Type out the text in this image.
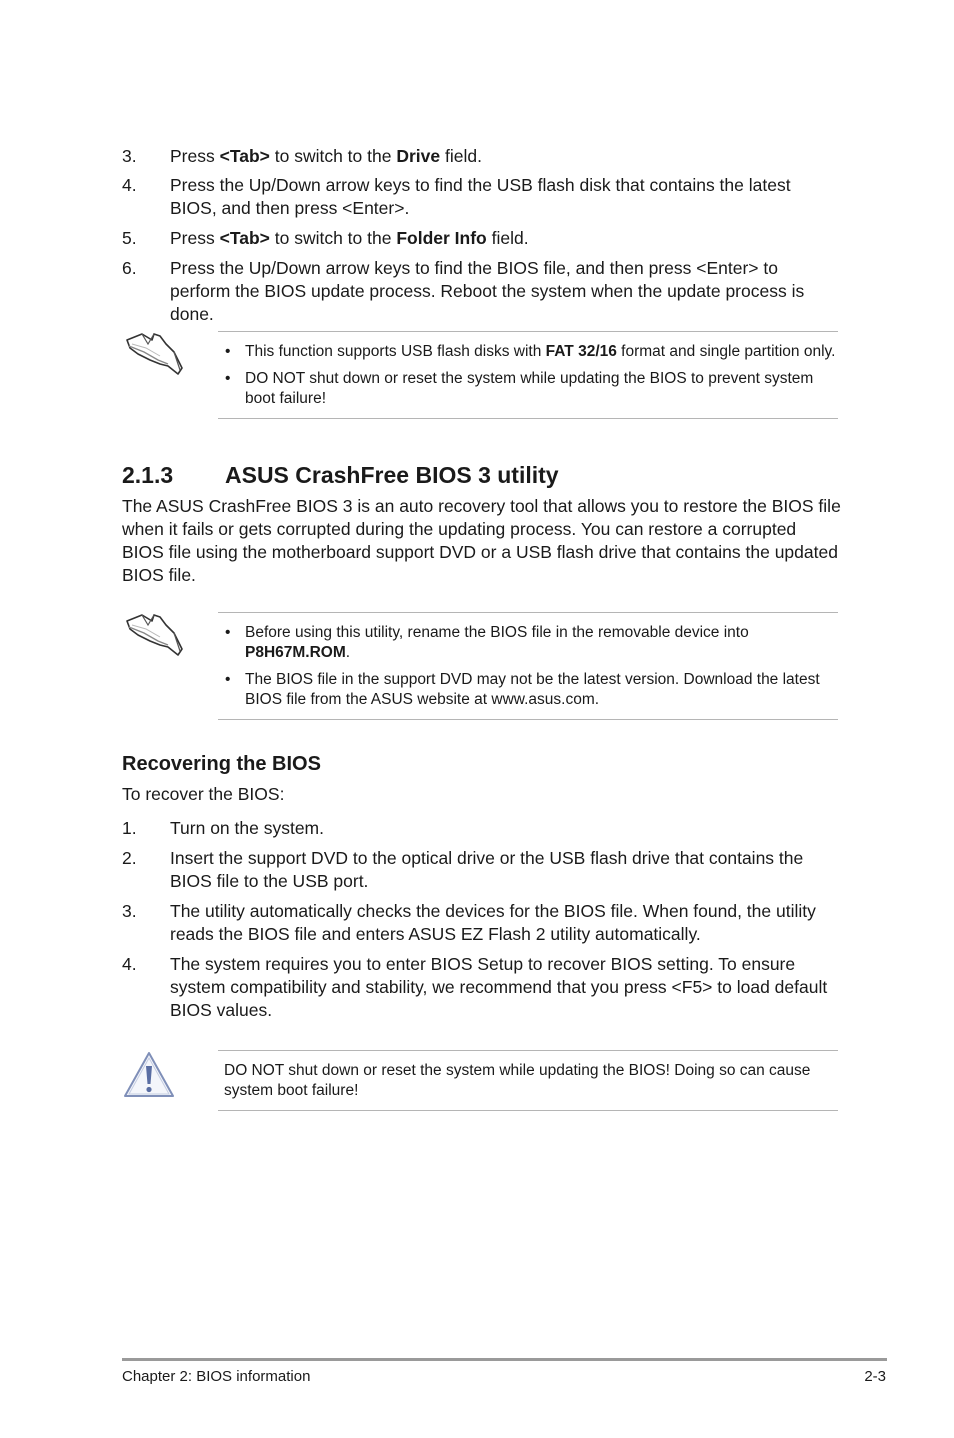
3. Press <Tab> to switch to the Drive field.
4. Press the Up/Down arrow keys to find the USB flash disk that contains the latest BIOS, and then press <Enter>.
5. Press <Tab> to switch to the Folder Info field.
6. Press the Up/Down arrow keys to find the BIOS file, and then press <Enter> to perform the BIOS update process. Reboot the system when the update process is done.
• This function supports USB flash disks with FAT 32/16 format and single partition only.
• DO NOT shut down or reset the system while updating the BIOS to prevent system boot failure!
2.1.3 ASUS CrashFree BIOS 3 utility
The ASUS CrashFree BIOS 3 is an auto recovery tool that allows you to restore the BIOS file when it fails or gets corrupted during the updating process. You can restore a corrupted BIOS file using the motherboard support DVD or a USB flash drive that contains the updated BIOS file.
• Before using this utility, rename the BIOS file in the removable device into
P8H67M.ROM.
• The BIOS file in the support DVD may not be the latest version. Download the latest BIOS file from the ASUS website at www.asus.com.
Recovering the BIOS
To recover the BIOS:
1. Turn on the system.
2. Insert the support DVD to the optical drive or the USB flash drive that contains the BIOS file to the USB port.
3. The utility automatically checks the devices for the BIOS file. When found, the utility reads the BIOS file and enters ASUS EZ Flash 2 utility automatically.
4. The system requires you to enter BIOS Setup to recover BIOS setting. To ensure system compatibility and stability, we recommend that you press <F5> to load default BIOS values.
DO NOT shut down or reset the system while updating the BIOS! Doing so can cause system boot failure!
Chapter 2: BIOS information	2-3
